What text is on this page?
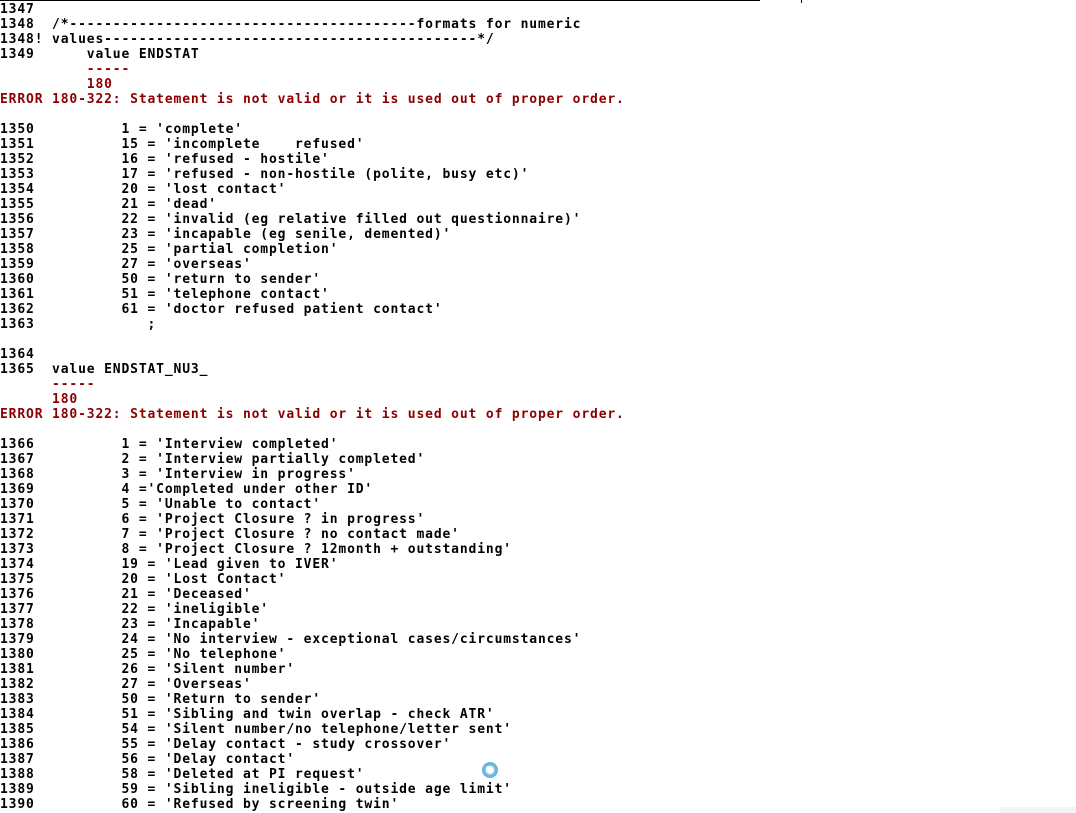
1347
1348  /*----------------------------------------formats for numeric
1348! values-------------------------------------------*/
1349      value ENDSTAT
-----
180
ERROR 180-322: Statement is not valid or it is used out of proper order.
1350          1 = 'complete'
1351          15 = 'incomplete    refused'
1352          16 = 'refused - hostile'
1353          17 = 'refused - non-hostile (polite, busy etc)'
1354          20 = 'lost contact'
1355          21 = 'dead'
1356          22 = 'invalid (eg relative filled out questionnaire)'
1357          23 = 'incapable (eg senile, demented)'
1358          25 = 'partial completion'
1359          27 = 'overseas'
1360          50 = 'return to sender'
1361          51 = 'telephone contact'
1362          61 = 'doctor refused patient contact'
1363             ;
1364
1365  value ENDSTAT_NU3_
-----
180
ERROR 180-322: Statement is not valid or it is used out of proper order.
1366          1 = 'Interview completed'
1367          2 = 'Interview partially completed'
1368          3 = 'Interview in progress'
1369          4 ='Completed under other ID'
1370          5 = 'Unable to contact'
1371          6 = 'Project Closure ? in progress'
1372          7 = 'Project Closure ? no contact made'
1373          8 = 'Project Closure ? 12month + outstanding'
1374          19 = 'Lead given to IVER'
1375          20 = 'Lost Contact'
1376          21 = 'Deceased'
1377          22 = 'ineligible'
1378          23 = 'Incapable'
1379          24 = 'No interview - exceptional cases/circumstances'
1380          25 = 'No telephone'
1381          26 = 'Silent number'
1382          27 = 'Overseas'
1383          50 = 'Return to sender'
1384          51 = 'Sibling and twin overlap - check ATR'
1385          54 = 'Silent number/no telephone/letter sent'
1386          55 = 'Delay contact - study crossover'
1387          56 = 'Delay contact'
1388          58 = 'Deleted at PI request'
1389          59 = 'Sibling ineligible - outside age limit'
1390          60 = 'Refused by screening twin'
